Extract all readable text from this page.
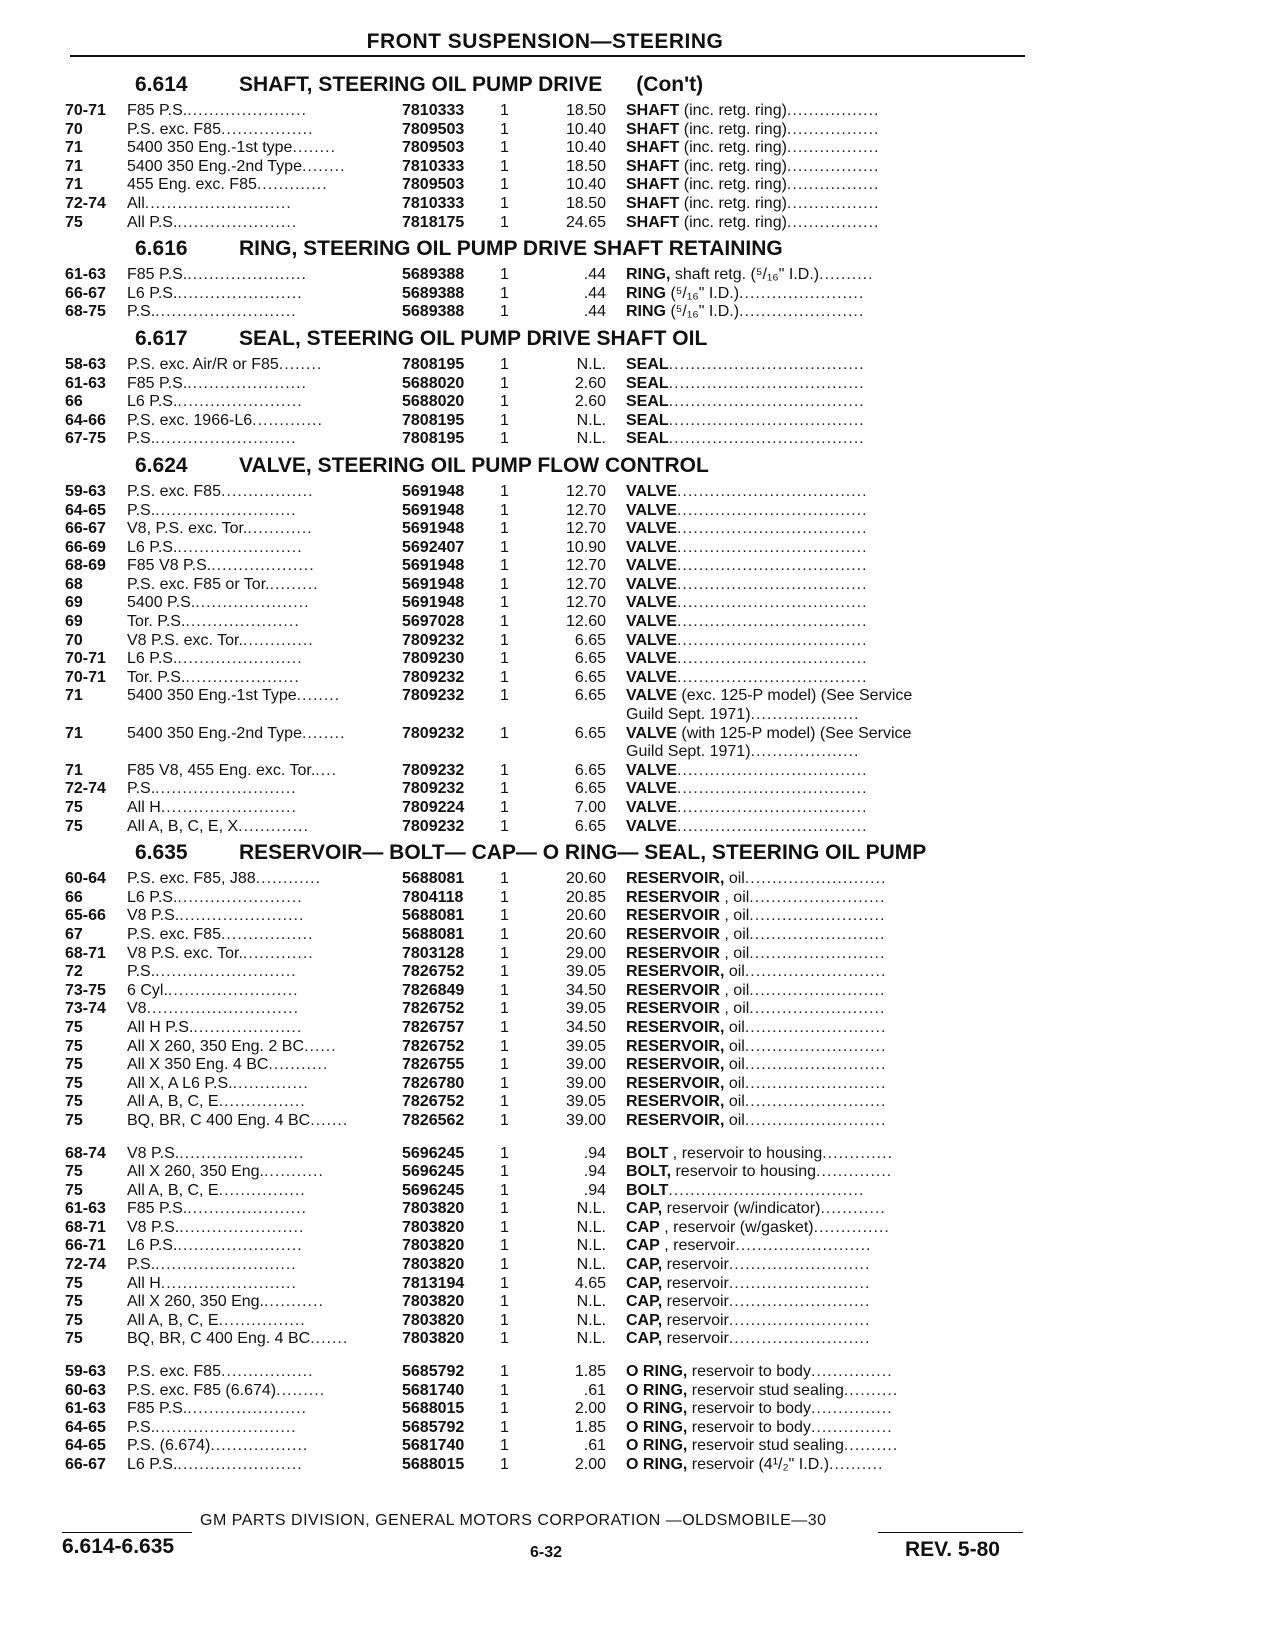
FRONT SUSPENSION—STEERING
6.614	SHAFT, STEERING OIL PUMP DRIVE (Con't)
70-71	F85 P.S.......................	7810333	1	18.50 SHAFT (inc. retg. ring).................
70	P.S. exc. F85.................	7809503	1	10.40 SHAFT (inc. retg. ring).................
71	5400 350 Eng.-1st type........	7809503	1	10.40 SHAFT (inc. retg. ring).................
71	5400 350 Eng.-2nd Type........	7810333	1	18.50 SHAFT (inc. retg. ring).................
71	455 Eng. exc. F85.............	7809503	1	10.40 SHAFT (inc. retg. ring).................
72-74	All...........................	7810333	1	18.50 SHAFT (inc. retg. ring).................
75	All P.S.......................	7818175	1	24.65 SHAFT (inc. retg. ring).................
6.616	RING, STEERING OIL PUMP DRIVE SHAFT RETAINING
61-63	F85 P.S.......................	5689388	1	.44 RING, shaft retg. (⁵/₁₆" I.D.)..........
66-67	L6 P.S........................	5689388	1	.44 RING (⁵/₁₆" I.D.).......................
68-75	P.S...........................	5689388	1	.44 RING (⁵/₁₆" I.D.).......................
6.617	SEAL, STEERING OIL PUMP DRIVE SHAFT OIL
58-63	P.S. exc. Air/R or F85........	7808195	1	N.L. SEAL....................................
61-63	F85 P.S.......................	5688020	1	2.60 SEAL....................................
66	L6 P.S........................	5688020	1	2.60 SEAL....................................
64-66	P.S. exc. 1966-L6.............	7808195	1	N.L. SEAL....................................
67-75	P.S...........................	7808195	1	N.L. SEAL....................................
6.624	VALVE, STEERING OIL PUMP FLOW CONTROL
59-63	P.S. exc. F85.................	5691948	1	12.70 VALVE...................................
64-65	P.S...........................	5691948	1	12.70 VALVE...................................
66-67	V8, P.S. exc. Tor.............	5691948	1	12.70 VALVE...................................
66-69	L6 P.S........................	5692407	1	10.90 VALVE...................................
68-69	F85 V8 P.S....................	5691948	1	12.70 VALVE...................................
68	P.S. exc. F85 or Tor..........	5691948	1	12.70 VALVE...................................
69	5400 P.S......................	5691948	1	12.70 VALVE...................................
69	Tor. P.S......................	5697028	1	12.60 VALVE...................................
70	V8 P.S. exc. Tor..............	7809232	1	6.65 VALVE...................................
70-71	L6 P.S........................	7809230	1	6.65 VALVE...................................
70-71	Tor. P.S......................	7809232	1	6.65 VALVE...................................
71	5400 350 Eng.-1st Type........	7809232	1	6.65 VALVE (exc. 125-P model) (See Service
Guild Sept. 1971)....................
71	5400 350 Eng.-2nd Type........	7809232	1	6.65 VALVE (with 125-P model) (See Service
Guild Sept. 1971)....................
71	F85 V8, 455 Eng. exc. Tor.....	7809232	1	6.65 VALVE...................................
72-74	P.S...........................	7809232	1	6.65 VALVE...................................
75	All H.........................	7809224	1	7.00 VALVE...................................
75	All A, B, C, E, X.............	7809232	1	6.65 VALVE...................................
6.635	RESERVOIR— BOLT— CAP— O RING— SEAL, STEERING OIL PUMP
60-64	P.S. exc. F85, J88............	5688081	1	20.60 RESERVOIR, oil..........................
66	L6 P.S........................	7804118	1	20.85 RESERVOIR , oil.........................
65-66	V8 P.S........................	5688081	1	20.60 RESERVOIR , oil.........................
67	P.S. exc. F85.................	5688081	1	20.60 RESERVOIR , oil.........................
68-71	V8 P.S. exc. Tor..............	7803128	1	29.00 RESERVOIR , oil.........................
72	P.S...........................	7826752	1	39.05 RESERVOIR, oil..........................
73-75	6 Cyl.........................	7826849	1	34.50 RESERVOIR , oil.........................
73-74	V8............................	7826752	1	39.05 RESERVOIR , oil.........................
75	All H P.S.....................	7826757	1	34.50 RESERVOIR, oil..........................
75	All X 260, 350 Eng. 2 BC......	7826752	1	39.05 RESERVOIR, oil..........................
75	All X 350 Eng. 4 BC...........	7826755	1	39.00 RESERVOIR, oil..........................
75	All X, A L6 P.S...............	7826780	1	39.00 RESERVOIR, oil..........................
75	All A, B, C, E................	7826752	1	39.05 RESERVOIR, oil..........................
75	BQ, BR, C 400 Eng. 4 BC.......	7826562	1	39.00 RESERVOIR, oil..........................
68-74	V8 P.S........................	5696245	1	.94 BOLT , reservoir to housing.............
75	All X 260, 350 Eng............	5696245	1	.94 BOLT, reservoir to housing..............
75	All A, B, C, E................	5696245	1	.94 BOLT....................................
61-63	F85 P.S.......................	7803820	1	N.L. CAP, reservoir (w/indicator)............
68-71	V8 P.S........................	7803820	1	N.L. CAP , reservoir (w/gasket)..............
66-71	L6 P.S........................	7803820	1	N.L. CAP , reservoir.........................
72-74	P.S...........................	7803820	1	N.L. CAP, reservoir..........................
75	All H.........................	7813194	1	4.65 CAP, reservoir..........................
75	All X 260, 350 Eng............	7803820	1	N.L. CAP, reservoir..........................
75	All A, B, C, E................	7803820	1	N.L. CAP, reservoir..........................
75	BQ, BR, C 400 Eng. 4 BC.......	7803820	1	N.L. CAP, reservoir..........................
59-63	P.S. exc. F85.................	5685792	1	1.85 O RING, reservoir to body...............
60-63	P.S. exc. F85 (6.674).........	5681740	1	.61 O RING, reservoir stud sealing..........
61-63	F85 P.S.......................	5688015	1	2.00 O RING, reservoir to body...............
64-65	P.S...........................	5685792	1	1.85 O RING, reservoir to body...............
64-65	P.S. (6.674)..................	5681740	1	.61 O RING, reservoir stud sealing..........
66-67	L6 P.S........................	5688015	1	2.00 O RING, reservoir (4¹/₂" I.D.)..........
GM PARTS DIVISION, GENERAL MOTORS CORPORATION —OLDSMOBILE—30
6.614-6.635	6-32	REV. 5-80
